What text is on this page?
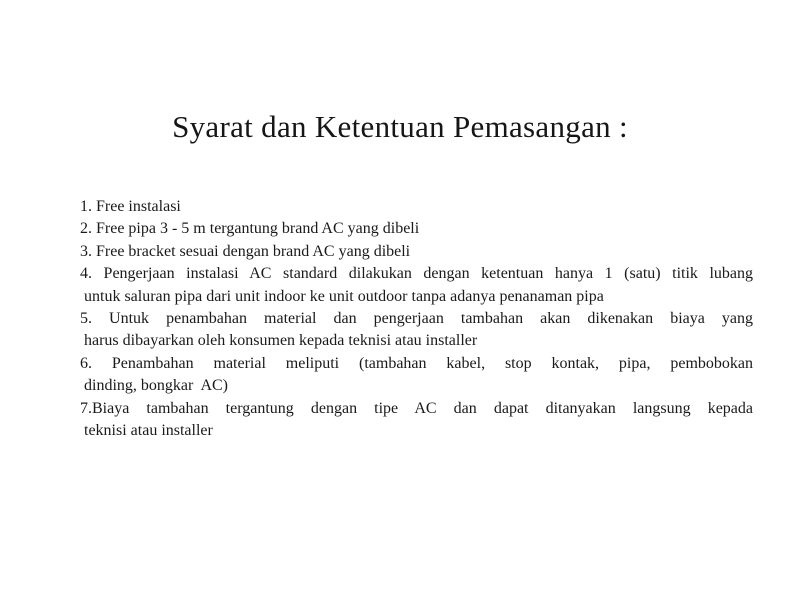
Syarat dan Ketentuan Pemasangan :

1. Free instalasi

2. Free pipa 3 - 5 m tergantung brand AC yang dibeli

3. Free bracket sesuai dengan brand AC yang dibeli

4. Pengerjaan instalasi AC standard dilakukan dengan ketentuan hanya 1 (satu) titik lubang
untuk saluran pipa dari unit indoor ke unit outdoor tanpa adanya penanaman pipa

5. Untuk penambahan material dan pengerjaan tambahan akan dikenakan biaya yang
harus dibayarkan oleh konsumen kepada teknisi atau installer

6. Penambahan material meliputi (tambahan kabel, stop kontak, pipa, pembobokan
dinding, bongkar  AC)

7.Biaya tambahan tergantung dengan tipe AC dan dapat ditanyakan langsung kepada
teknisi atau installer
